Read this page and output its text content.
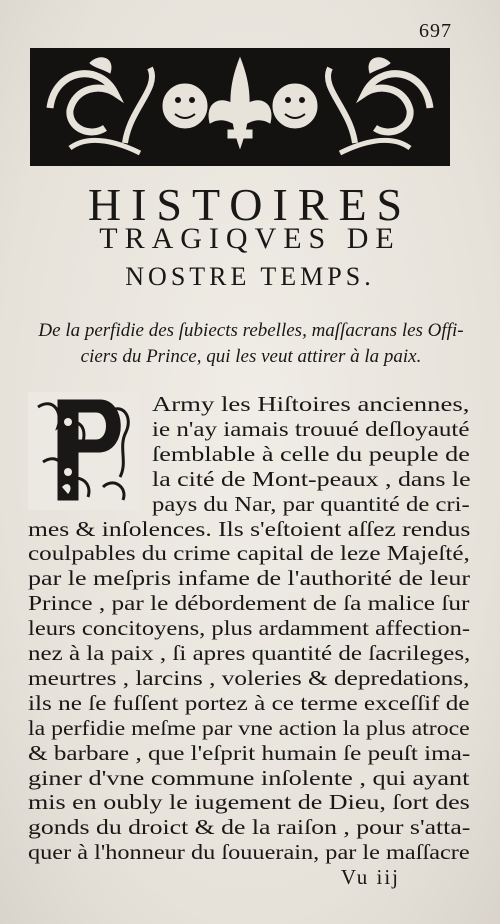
697
HISTOIRES
TRAGIQVES DE
NOSTRE TEMPS.
De la perfidie des ſubiects rebelles, maſſacrans les Offi- ciers du Prince, qui les veut attirer à la paix.
Army les Hiſtoires anciennes,
ie n'ay iamais trouué deſloyauté
ſemblable à celle du peuple de
la cité de Mont-peaux , dans le
pays du Nar, par quantité de cri-
mes & inſolences. Ils s'eſtoient aſſez rendus
coulpables du crime capital de leze Majeſté,
par le meſpris infame de l'authorité de leur
Prince , par le débordement de ſa malice ſur
leurs concitoyens, plus ardamment affection-
nez à la paix , ſi apres quantité de ſacrileges,
meurtres , larcins , voleries & depredations,
ils ne ſe fuſſent portez à ce terme exceſſif de
la perfidie meſme par vne action la plus atroce
& barbare , que l'eſprit humain ſe peuſt ima-
giner d'vne commune inſolente , qui ayant
mis en oubly le iugement de Dieu, ſort des
gonds du droict & de la raiſon , pour s'atta-
quer à l'honneur du ſouuerain, par le maſſacre
Vu iij
